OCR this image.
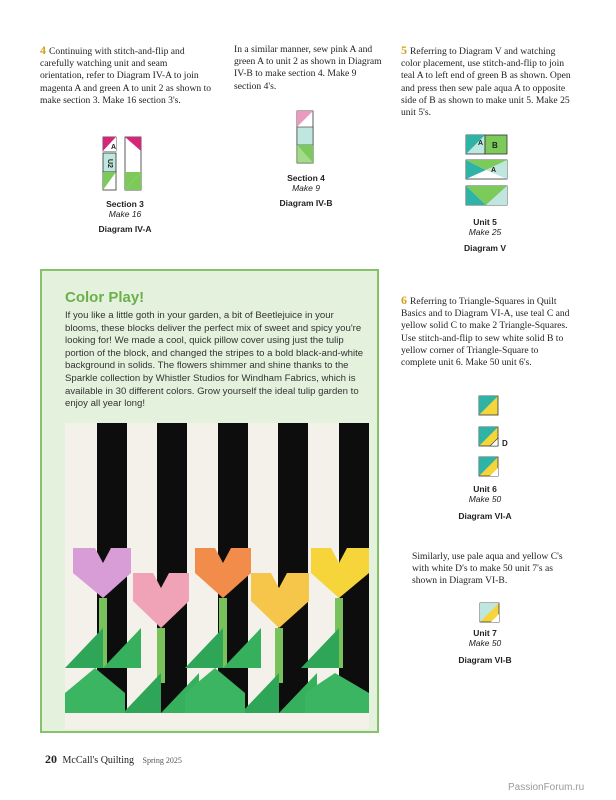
4 Continuing with stitch-and-flip and carefully watching unit and seam orientation, refer to Diagram IV-A to join magenta A and green A to unit 2 as shown to make section 3. Make 16 section 3's.
In a similar manner, sew pink A and green A to unit 2 as shown in Diagram IV-B to make section 4. Make 9 section 4's.
5 Referring to Diagram V and watching color placement, use stitch-and-flip to join teal A to left end of green B as shown. Open and press then sew pale aqua A to opposite side of B as shown to make unit 5. Make 25 unit 5's.
A
U2
Section 3
Make 16
Diagram IV-A
Section 4
Make 9
Diagram IV-B
A B
A
Unit 5
Make 25
Diagram V
Color Play!
If you like a little goth in your garden, a bit of Beetlejuice in your blooms, these blocks deliver the perfect mix of sweet and spicy you're looking for! We made a cool, quick pillow cover using just the tulip portion of the block, and changed the stripes to a bold black-and-white background in solids. The flowers shimmer and shine thanks to the Sparkle collection by Whistler Studios for Windham Fabrics, which is available in 30 different colors. Grow yourself the ideal tulip garden to enjoy all year long!
6 Referring to Triangle-Squares in Quilt Basics and to Diagram VI-A, use teal C and yellow solid C to make 2 Triangle-Squares. Use stitch-and-flip to sew white solid B to yellow corner of Triangle-Square to complete unit 6. Make 50 unit 6's.
D
Unit 6
Make 50
Diagram VI-A
Similarly, use pale aqua and yellow C's with white D's to make 50 unit 7's as shown in Diagram VI-B.
Unit 7
Make 50
Diagram VI-B
20 McCall's Quilting Spring 2025
PassionForum.ru
